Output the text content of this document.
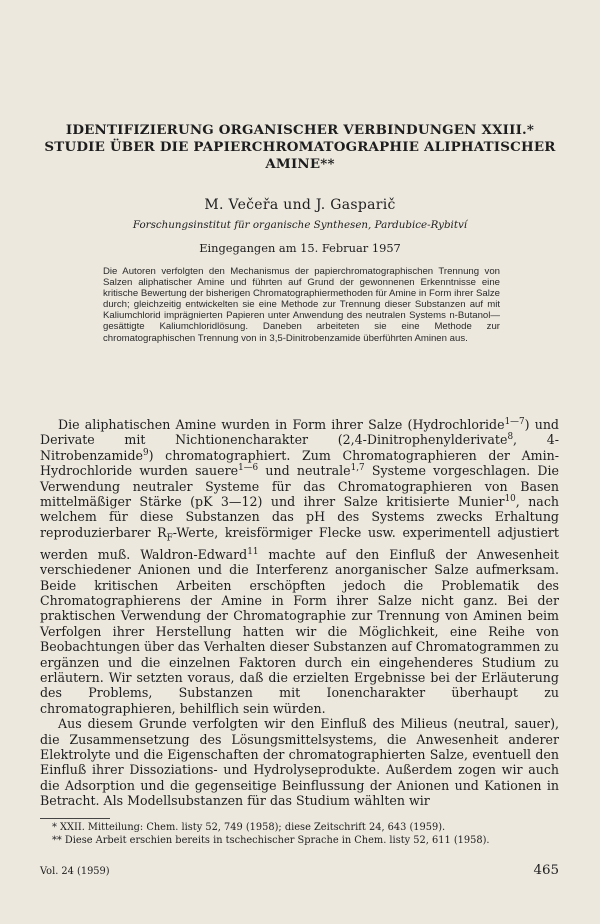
IDENTIFIZIERUNG ORGANISCHER VERBINDUNGEN XXIII.*
STUDIE ÜBER DIE PAPIERCHROMATOGRAPHIE ALIPHATISCHER
AMINE**
M. Večeřa und J. Gasparič
Forschungsinstitut für organische Synthesen, Pardubice-Rybitví
Eingegangen am 15. Februar 1957

Die Autoren verfolgten den Mechanismus der papierchromatographischen Trennung von Salzen aliphatischer Amine und führten auf Grund der gewonnenen Erkenntnisse eine kritische Bewertung der bisherigen Chromatographiermethoden für Amine in Form ihrer Salze durch; gleichzeitig entwickelten sie eine Methode zur Trennung dieser Substanzen auf mit Kaliumchlorid imprägnierten Papieren unter Anwendung des neutralen Systems n-Butanol—gesättigte Kaliumchloridlösung. Daneben arbeiteten sie eine Methode zur chromatographischen Trennung von in 3,5-Dinitrobenzamide überführten Aminen aus.

Die aliphatischen Amine wurden in Form ihrer Salze (Hydrochloride$^{1—7}$) und Derivate mit Nichtionencharakter (2,4-Dinitrophenylderivate$^8$, 4-Nitrobenzamide$^9$) chromatographiert. Zum Chromatographieren der Amin-Hydrochloride wurden sauere$^{1—6}$ und neutrale$^{1,7}$ Systeme vorgeschlagen. Die Verwendung neutraler Systeme für das Chromatographieren von Basen mittelmäßiger Stärke (pK 3—12) und ihrer Salze kritisierte Munier$^{10}$, nach welchem für diese Substanzen das pH des Systems zwecks Erhaltung reproduzierbarer $R_F$-Werte, kreisförmiger Flecke usw. experimentell adjustiert werden muß. Waldron-Edward$^{11}$ machte auf den Einfluß der Anwesenheit verschiedener Anionen und die Interferenz anorganischer Salze aufmerksam. Beide kritischen Arbeiten erschöpften jedoch die Problematik des Chromatographierens der Amine in Form ihrer Salze nicht ganz. Bei der praktischen Verwendung der Chromatographie zur Trennung von Aminen beim Verfolgen ihrer Herstellung hatten wir die Möglichkeit, eine Reihe von Beobachtungen über das Verhalten dieser Substanzen auf Chromatogrammen zu ergänzen und die einzelnen Faktoren durch ein eingehenderes Studium zu erläutern. Wir setzten voraus, daß die erzielten Ergebnisse bei der Erläuterung des Problems, Substanzen mit Ionencharakter überhaupt zu chromatographieren, behilflich sein würden.

Aus diesem Grunde verfolgten wir den Einfluß des Milieus (neutral, sauer), die Zusammensetzung des Lösungsmittelsystems, die Anwesenheit anderer Elektrolyte und die Eigenschaften der chromatographierten Salze, eventuell den Einfluß ihrer Dissoziations- und Hydrolyseprodukte. Außerdem zogen wir auch die Adsorption und die gegenseitige Beinflussung der Anionen und Kationen in Betracht. Als Modellsubstanzen für das Studium wählten wir

* XXII. Mitteilung: Chem. listy 52, 749 (1958); diese Zeitschrift 24, 643 (1959).
** Diese Arbeit erschien bereits in tschechischer Sprache in Chem. listy 52, 611 (1958).
Vol. 24 (1959)	465
